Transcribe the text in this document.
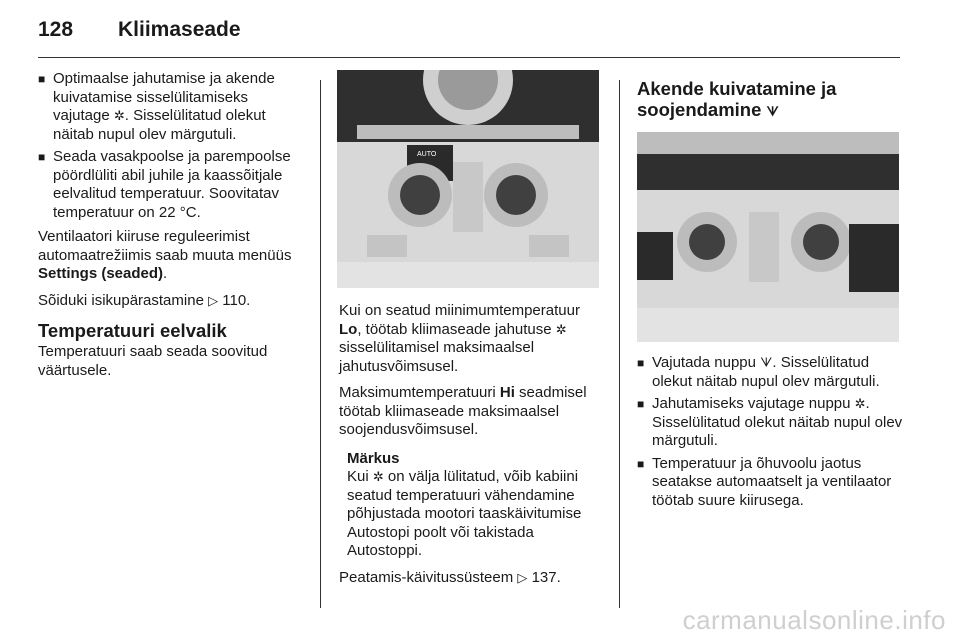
128 Kliimaseade
■ Optimaalse jahutamise ja akende kuivatamise sisselülitamiseks vajutage ✲. Sisselülitatud olekut näitab nupul olev märgutuli.
■ Seada vasakpoolse ja parempoolse pöördlüliti abil juhile ja kaassõitjale eelvalitud temperatuur. Soovitatav temperatuur on 22 °C.

Ventilaatori kiiruse reguleerimist automaatrežiimis saab muuta menüüs Settings (seaded).

Sõiduki isikupärastamine ▷ 110.

Temperatuuri eelvalik

Temperatuuri saab seada soovitud väärtusele.

AUTO

Kui on seatud miinimumtemperatuur Lo, töötab kliimaseade jahutuse ✲ sisselülitamisel maksimaalsel jahutusvõimsusel.

Maksimumtemperatuuri Hi seadmisel töötab kliimaseade maksimaalsel soojendusvõimsusel.

Märkus
Kui ✲ on välja lülitatud, võib kabiini seatud temperatuuri vähendamine põhjustada mootori taaskäivitumise Autostopi poolt või takistada Autostoppi.

Peatamis-käivitussüsteem ▷ 137.

Akende kuivatamine ja soojendamine ᗐ
■ Vajutada nuppu ᗐ. Sisselülitatud olekut näitab nupul olev märgutuli.
■ Jahutamiseks vajutage nuppu ✲. Sisselülitatud olekut näitab nupul olev märgutuli.
■ Temperatuur ja õhuvoolu jaotus seatakse automaatselt ja ventilaator töötab suure kiirusega.
carmanualsonline.info
